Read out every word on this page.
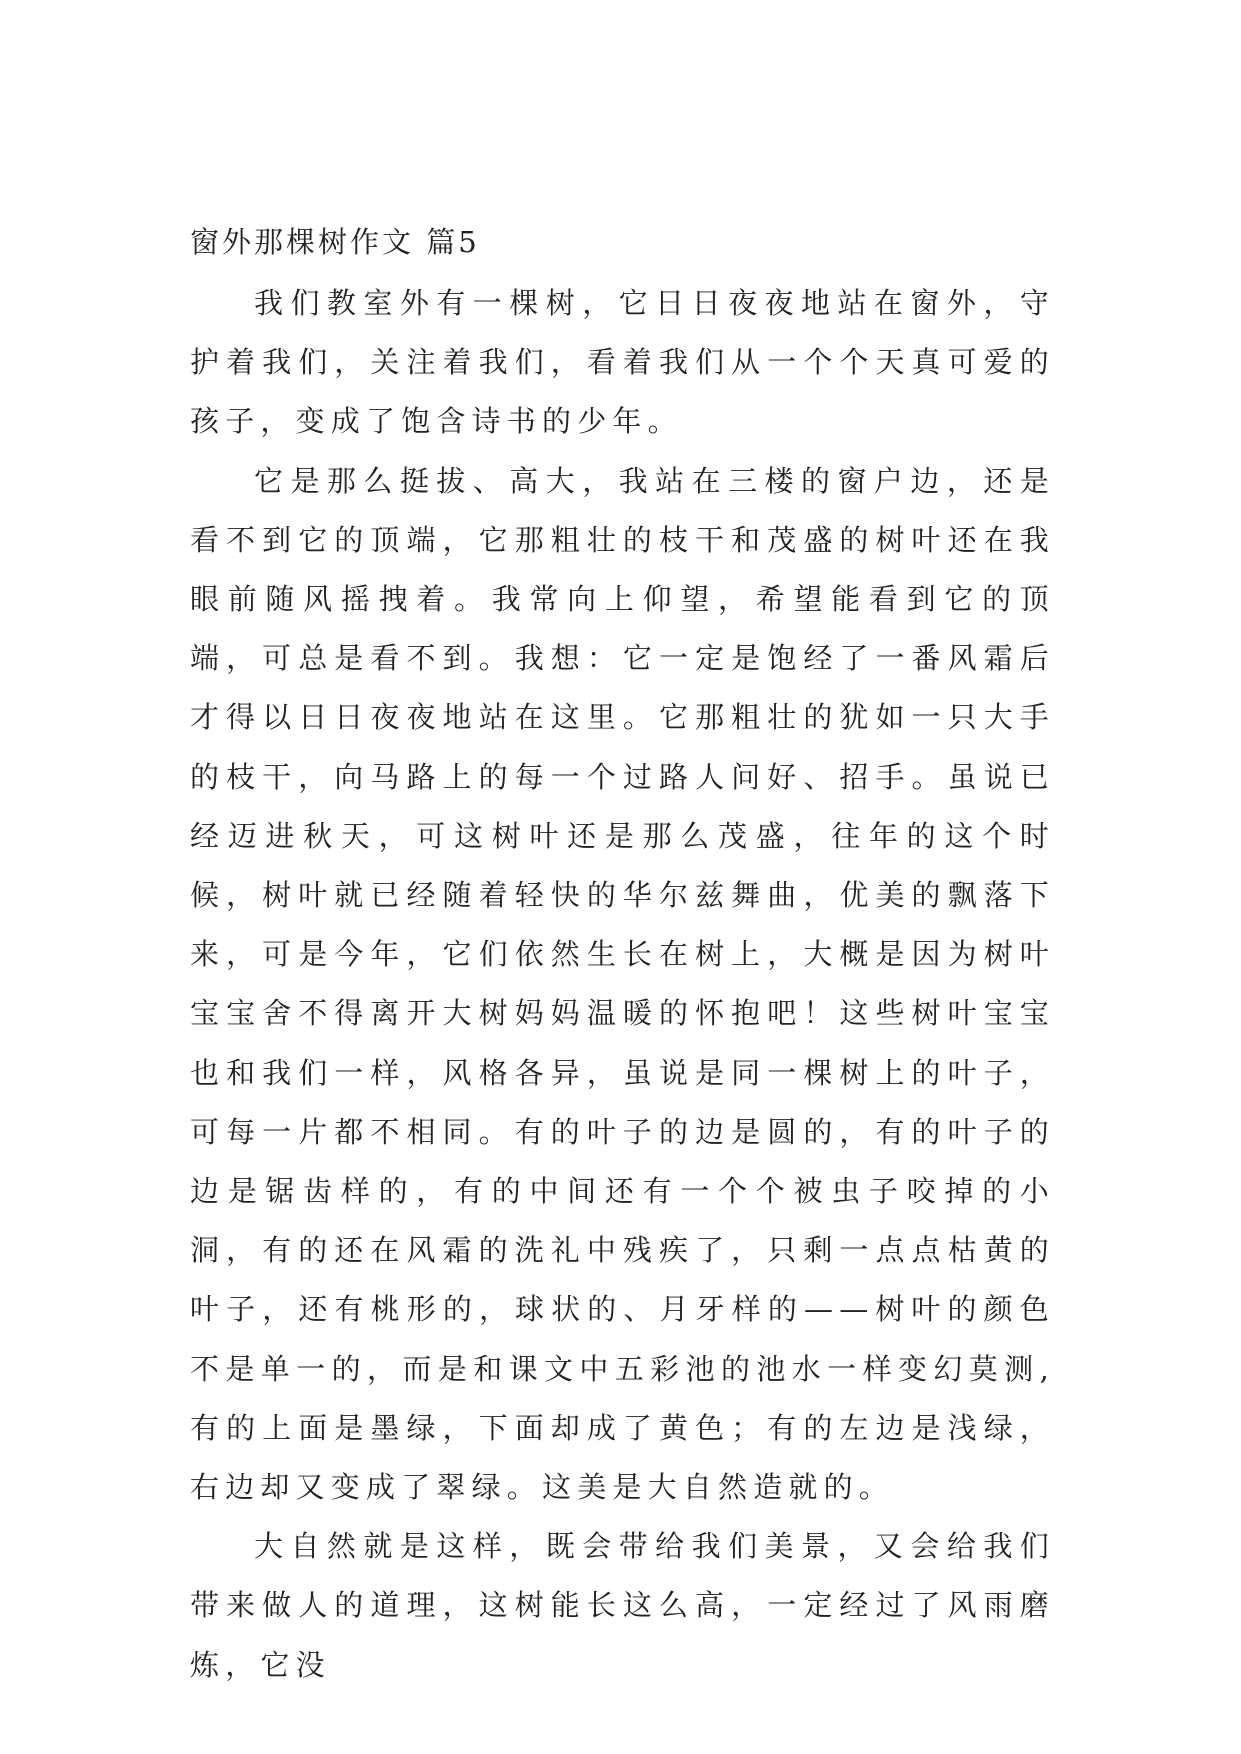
窗外那棵树作文 篇5

我们教室外有一棵树，它日日夜夜地站在窗外，守护着我们，关注着我们，看着我们从一个个天真可爱的孩子，变成了饱含诗书的少年。

它是那么挺拔、高大，我站在三楼的窗户边，还是看不到它的顶端，它那粗壮的枝干和茂盛的树叶还在我眼前随风摇拽着。我常向上仰望，希望能看到它的顶端，可总是看不到。我想：它一定是饱经了一番风霜后才得以日日夜夜地站在这里。它那粗壮的犹如一只大手的枝干，向马路上的每一个过路人问好、招手。虽说已经迈进秋天，可这树叶还是那么茂盛，往年的这个时候，树叶就已经随着轻快的华尔兹舞曲，优美的飘落下来，可是今年，它们依然生长在树上，大概是因为树叶宝宝舍不得离开大树妈妈温暖的怀抱吧！这些树叶宝宝也和我们一样，风格各异，虽说是同一棵树上的叶子，可每一片都不相同。有的叶子的边是圆的，有的叶子的边是锯齿样的，有的中间还有一个个被虫子咬掉的小洞，有的还在风霜的洗礼中残疾了，只剩一点点枯黄的叶子，还有桃形的，球状的、月牙样的——树叶的颜色不是单一的，而是和课文中五彩池的池水一样变幻莫测,有的上面是墨绿，下面却成了黄色；有的左边是浅绿，右边却又变成了翠绿。这美是大自然造就的。

大自然就是这样，既会带给我们美景，又会给我们带来做人的道理，这树能长这么高，一定经过了风雨磨炼，它没
